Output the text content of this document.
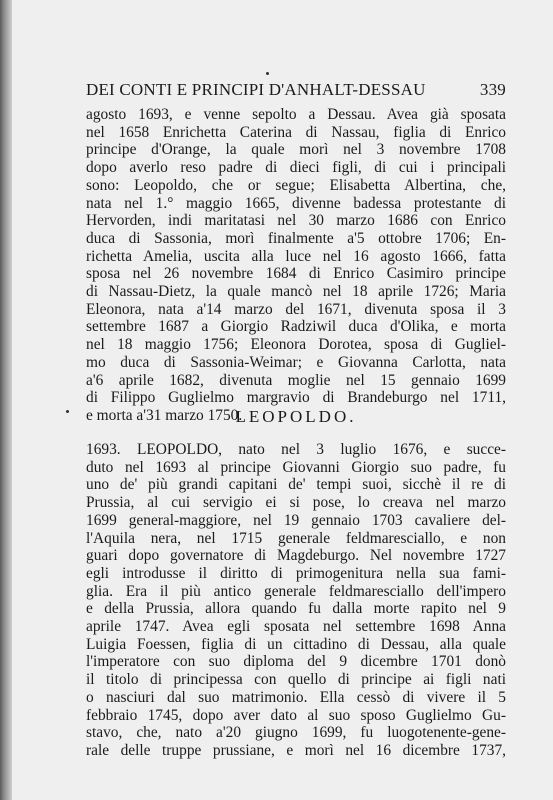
DEI CONTI E PRINCIPI D'ANHALT-DESSAU	339
agosto 1693, e venne sepolto a Dessau. Avea già sposata
nel 1658 Enrichetta Caterina di Nassau, figlia di Enrico
principe d'Orange, la quale morì nel 3 novembre 1708
dopo averlo reso padre di dieci figli, di cui i principali
sono: Leopoldo, che or segue; Elisabetta Albertina, che,
nata nel 1.° maggio 1665, divenne badessa protestante di
Hervorden, indi maritatasi nel 30 marzo 1686 con Enrico
duca di Sassonia, morì finalmente a'5 ottobre 1706; En-
richetta Amelia, uscita alla luce nel 16 agosto 1666, fatta
sposa nel 26 novembre 1684 di Enrico Casimiro principe
di Nassau-Dietz, la quale mancò nel 18 aprile 1726; Maria
Eleonora, nata a'14 marzo del 1671, divenuta sposa il 3
settembre 1687 a Giorgio Radziwil duca d'Olika, e morta
nel 18 maggio 1756; Eleonora Dorotea, sposa di Gugliel-
mo duca di Sassonia-Weimar; e Giovanna Carlotta, nata
a'6 aprile 1682, divenuta moglie nel 15 gennaio 1699
di Filippo Guglielmo margravio di Brandeburgo nel 1711,
e morta a'31 marzo 1750.
LEOPOLDO.
1693. LEOPOLDO, nato nel 3 luglio 1676, e succe-
duto nel 1693 al principe Giovanni Giorgio suo padre, fu
uno de' più grandi capitani de' tempi suoi, sicchè il re di
Prussia, al cui servigio ei si pose, lo creava nel marzo
1699 general-maggiore, nel 19 gennaio 1703 cavaliere del-
l'Aquila nera, nel 1715 generale feldmaresciallo, e non
guari dopo governatore di Magdeburgo. Nel novembre 1727
egli introdusse il diritto di primogenitura nella sua fami-
glia. Era il più antico generale feldmaresciallo dell'impero
e della Prussia, allora quando fu dalla morte rapito nel 9
aprile 1747. Avea egli sposata nel settembre 1698 Anna
Luigia Foessen, figlia di un cittadino di Dessau, alla quale
l'imperatore con suo diploma del 9 dicembre 1701 donò
il titolo di principessa con quello di principe ai figli nati
o nasciuri dal suo matrimonio. Ella cessò di vivere il 5
febbraio 1745, dopo aver dato al suo sposo Guglielmo Gu-
stavo, che, nato a'20 giugno 1699, fu luogotenente-gene-
rale delle truppe prussiane, e morì nel 16 dicembre 1737,
